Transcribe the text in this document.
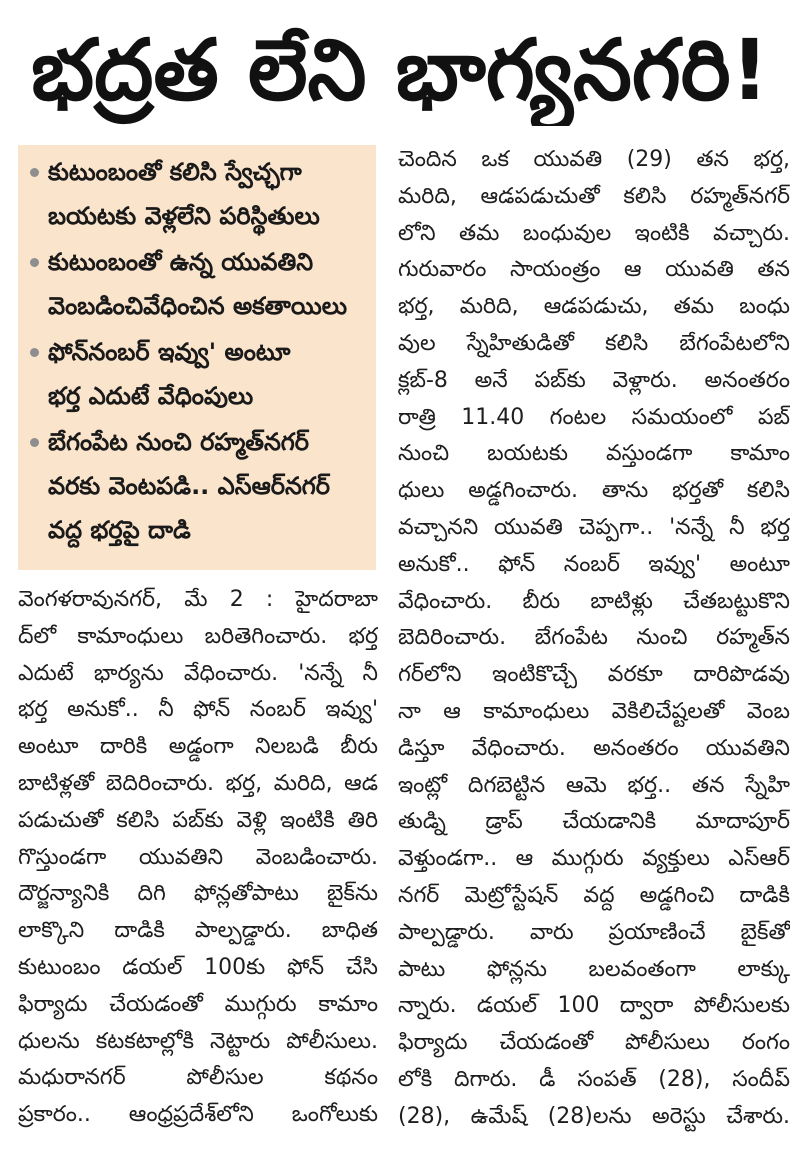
భద్రత లేని భాగ్యనగరి!
కుటుంబంతో కలిసి స్వేచ్ఛగా
బయటకు వెళ్లలేని పరిస్థితులు
కుటుంబంతో ఉన్న యువతిని
వెంబడించివేధించిన అకతాయిలు
ఫోన్‌నంబర్ ఇవ్వు' అంటూ
భర్త ఎదుటే వేధింపులు
బేగంపేట నుంచి రహ్మత్‌నగర్
వరకు వెంటపడి.. ఎస్‌ఆర్‌నగర్
వద్ద భర్తపై దాడి
వెంగళరావునగర్, మే 2 : హైదరాబా
ద్‌లో కామాంధులు బరితెగించారు. భర్త
ఎదుటే భార్యను వేధించారు. 'నన్నే నీ
భర్త అనుకో.. నీ ఫోన్ నంబర్ ఇవ్వు'
అంటూ దారికి అడ్డంగా నిలబడి బీరు
బాటిళ్లతో బెదిరించారు. భర్త, మరిది, ఆడ
పడుచుతో కలిసి పబ్‌కు వెళ్లి ఇంటికి తిరి
గొస్తుండగా యువతిని వెంబడించారు.
దౌర్జన్యానికి దిగి ఫోన్లతోపాటు బైక్‌ను
లాక్కొని దాడికి పాల్పడ్డారు. బాధిత
కుటుంబం డయల్ 100కు ఫోన్ చేసి
ఫిర్యాదు చేయడంతో ముగ్గురు కామాం
ధులను కటకటాల్లోకి నెట్టారు పోలీసులు.
మధురానగర్ పోలీసుల కథనం
ప్రకారం.. ఆంధ్రప్రదేశ్‌లోని ఒంగోలుకు
చెందిన ఒక యువతి (29) తన భర్త,
మరిది, ఆడపడుచుతో కలిసి రహ్మత్‌నగర్
లోని తమ బంధువుల ఇంటికి వచ్చారు.
గురువారం సాయంత్రం ఆ యువతి తన
భర్త, మరిది, ఆడపడుచు, తమ బంధు
వుల స్నేహితుడితో కలిసి బేగంపేటలోని
క్లబ్-8 అనే పబ్‌కు వెళ్లారు. అనంతరం
రాత్రి 11.40 గంటల సమయంలో పబ్
నుంచి బయటకు వస్తుండగా కామాం
ధులు అడ్డగించారు. తాను భర్తతో కలిసి
వచ్చానని యువతి చెప్పగా.. 'నన్నే నీ భర్త
అనుకో.. ఫోన్ నంబర్ ఇవ్వు' అంటూ
వేధించారు. బీరు బాటిళ్లు చేతబట్టుకొని
బెదిరించారు. బేగంపేట నుంచి రహ్మత్‌న
గర్‌లోని ఇంటికొచ్చే వరకూ దారిపొడవు
నా ఆ కామాంధులు వెకిలిచేష్టలతో వెంబ
డిస్తూ వేధించారు. అనంతరం యువతిని
ఇంట్లో దిగబెట్టిన ఆమె భర్త.. తన స్నేహి
తుడ్ని డ్రాప్ చేయడానికి మాదాపూర్
వెళ్తుండగా.. ఆ ముగ్గురు వ్యక్తులు ఎస్‌ఆర్
నగర్ మెట్రోస్టేషన్ వద్ద అడ్డగించి దాడికి
పాల్పడ్డారు. వారు ప్రయాణించే బైక్‌తో
పాటు ఫోన్లను బలవంతంగా లాక్కు
న్నారు. డయల్ 100 ద్వారా పోలీసులకు
ఫిర్యాదు చేయడంతో పోలీసులు రంగం
లోకి దిగారు. డీ సంపత్ (28), సందీప్
(28), ఉమేష్ (28)లను అరెస్టు చేశారు.
